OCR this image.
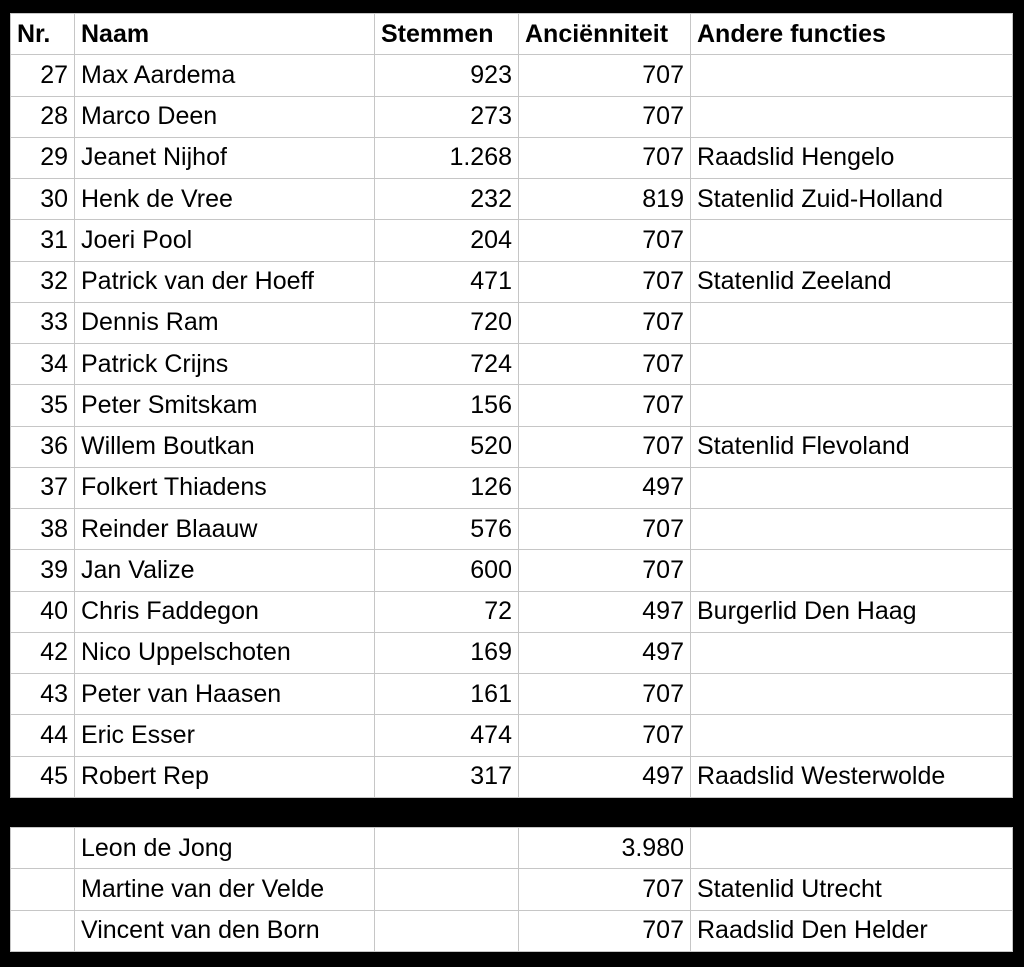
Nr.	Naam	Stemmen	Anciënniteit	Andere functies
27	Max Aardema	923	707	
28	Marco Deen	273	707	
29	Jeanet Nijhof	1.268	707	Raadslid Hengelo
30	Henk de Vree	232	819	Statenlid Zuid-Holland
31	Joeri Pool	204	707	
32	Patrick van der Hoeff	471	707	Statenlid Zeeland
33	Dennis Ram	720	707	
34	Patrick Crijns	724	707	
35	Peter Smitskam	156	707	
36	Willem Boutkan	520	707	Statenlid Flevoland
37	Folkert Thiadens	126	497	
38	Reinder Blaauw	576	707	
39	Jan Valize	600	707	
40	Chris Faddegon	72	497	Burgerlid Den Haag
42	Nico Uppelschoten	169	497	
43	Peter van Haasen	161	707	
44	Eric Esser	474	707	
45	Robert Rep	317	497	Raadslid Westerwolde
	Leon de Jong		3.980	
	Martine van der Velde		707	Statenlid Utrecht
	Vincent van den Born		707	Raadslid Den Helder
